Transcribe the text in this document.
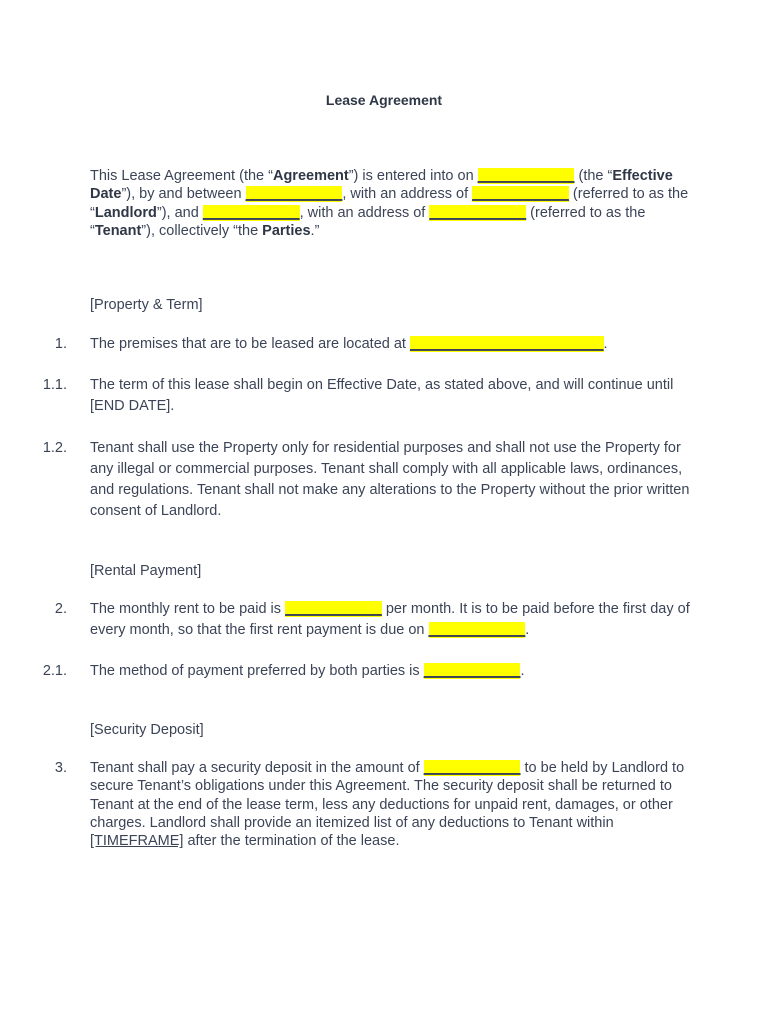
Lease Agreement
This Lease Agreement (the “Agreement”) is entered into on ____________ (the “Effective Date”), by and between ____________, with an address of ____________ (referred to as the “Landlord”), and ____________, with an address of ____________ (referred to as the “Tenant”), collectively “the Parties.”
[Property & Term]
1. The premises that are to be leased are located at ________________________.
1.1. The term of this lease shall begin on Effective Date, as stated above, and will continue until [END DATE].
1.2. Tenant shall use the Property only for residential purposes and shall not use the Property for any illegal or commercial purposes. Tenant shall comply with all applicable laws, ordinances, and regulations. Tenant shall not make any alterations to the Property without the prior written consent of Landlord.
[Rental Payment]
2. The monthly rent to be paid is ____________ per month. It is to be paid before the first day of every month, so that the first rent payment is due on ____________.
2.1. The method of payment preferred by both parties is ____________.
[Security Deposit]
3. Tenant shall pay a security deposit in the amount of ____________ to be held by Landlord to secure Tenant’s obligations under this Agreement. The security deposit shall be returned to Tenant at the end of the lease term, less any deductions for unpaid rent, damages, or other charges. Landlord shall provide an itemized list of any deductions to Tenant within [TIMEFRAME] after the termination of the lease.
